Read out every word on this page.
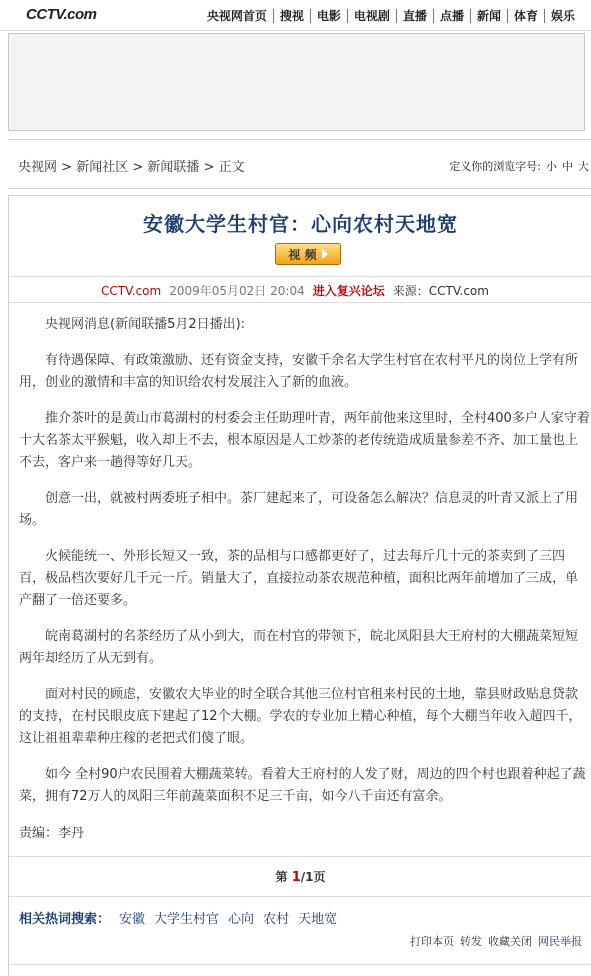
CCTV.com	央视网首页 搜视 电影 电视剧 直播 点播 新闻 体育 娱乐
央视网 > 新闻社区 > 新闻联播 > 正文	定义你的浏览字号: 小 中 大
安徽大学生村官：心向农村天地宽
视 频
CCTV.com 2009年05月02日 20:04 进入复兴论坛 来源：CCTV.com

央视网消息(新闻联播5月2日播出):

有待遇保障、有政策激励、还有资金支持，安徽千余名大学生村官在农村平凡的岗位上学有所用，创业的激情和丰富的知识给农村发展注入了新的血液。

推介茶叶的是黄山市葛湖村的村委会主任助理叶青，两年前他来这里时，全村400多户人家守着十大名茶太平猴魁，收入却上不去，根本原因是人工炒茶的老传统造成质量参差不齐、加工量也上不去，客户来一趟得等好几天。

创意一出，就被村两委班子相中。茶厂建起来了，可设备怎么解决？信息灵的叶青又派上了用场。

火候能统一、外形长短又一致，茶的品相与口感都更好了，过去每斤几十元的茶卖到了三四百，极品档次要好几千元一斤。销量大了，直接拉动茶农规范种植，面积比两年前增加了三成，单产翻了一倍还要多。

皖南葛湖村的名茶经历了从小到大，而在村官的带领下，皖北凤阳县大王府村的大棚蔬菜短短两年却经历了从无到有。

面对村民的顾虑，安徽农大毕业的时全联合其他三位村官租来村民的土地，靠县财政贴息贷款的支持，在村民眼皮底下建起了12个大棚。学农的专业加上精心种植，每个大棚当年收入超四千，这让祖祖辈辈种庄稼的老把式们傻了眼。

如今 全村90户农民围着大棚蔬菜转。看着大王府村的人发了财，周边的四个村也跟着种起了蔬菜，拥有72万人的凤阳三年前蔬菜面积不足三千亩，如今八千亩还有富余。

责编：李丹
第 1/1页
相关热词搜索： 安徽 大学生村官 心向 农村 天地宽
打印本页 转发 收藏关闭 网民举报
